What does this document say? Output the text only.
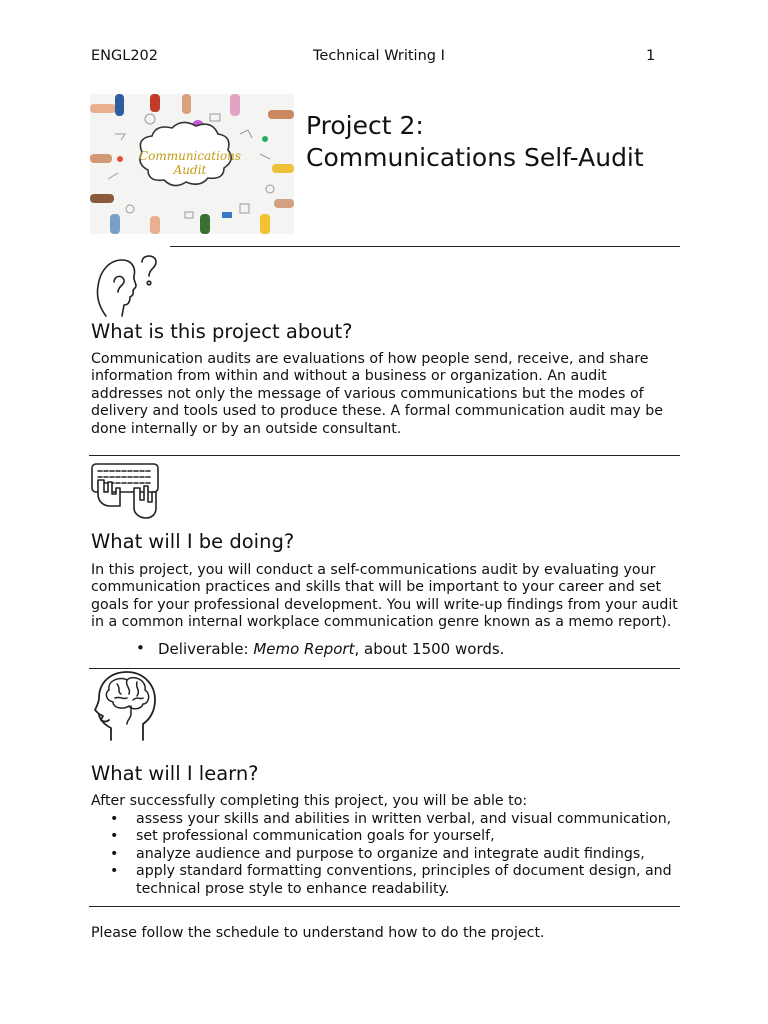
ENGL202	Technical Writing I	1
Communications
Audit
Project 2:
Communications Self-Audit
What is this project about?

Communication audits are evaluations of how people send, receive, and share information from within and without a business or organization. An audit addresses not only the message of various communications but the modes of delivery and tools used to produce these. A formal communication audit may be done internally or by an outside consultant.

What will I be doing?

In this project, you will conduct a self-communications audit by evaluating your communication practices and skills that will be important to your career and set goals for your professional development. You will write-up findings from your audit in a common internal workplace communication genre known as a memo report).

• Deliverable: Memo Report, about 1500 words.
What will I learn?

After successfully completing this project, you will be able to:

• assess your skills and abilities in written verbal, and visual communication,
• set professional communication goals for yourself,
• analyze audience and purpose to organize and integrate audit findings,
• apply standard formatting conventions, principles of document design, and technical prose style to enhance readability.

Please follow the schedule to understand how to do the project.
